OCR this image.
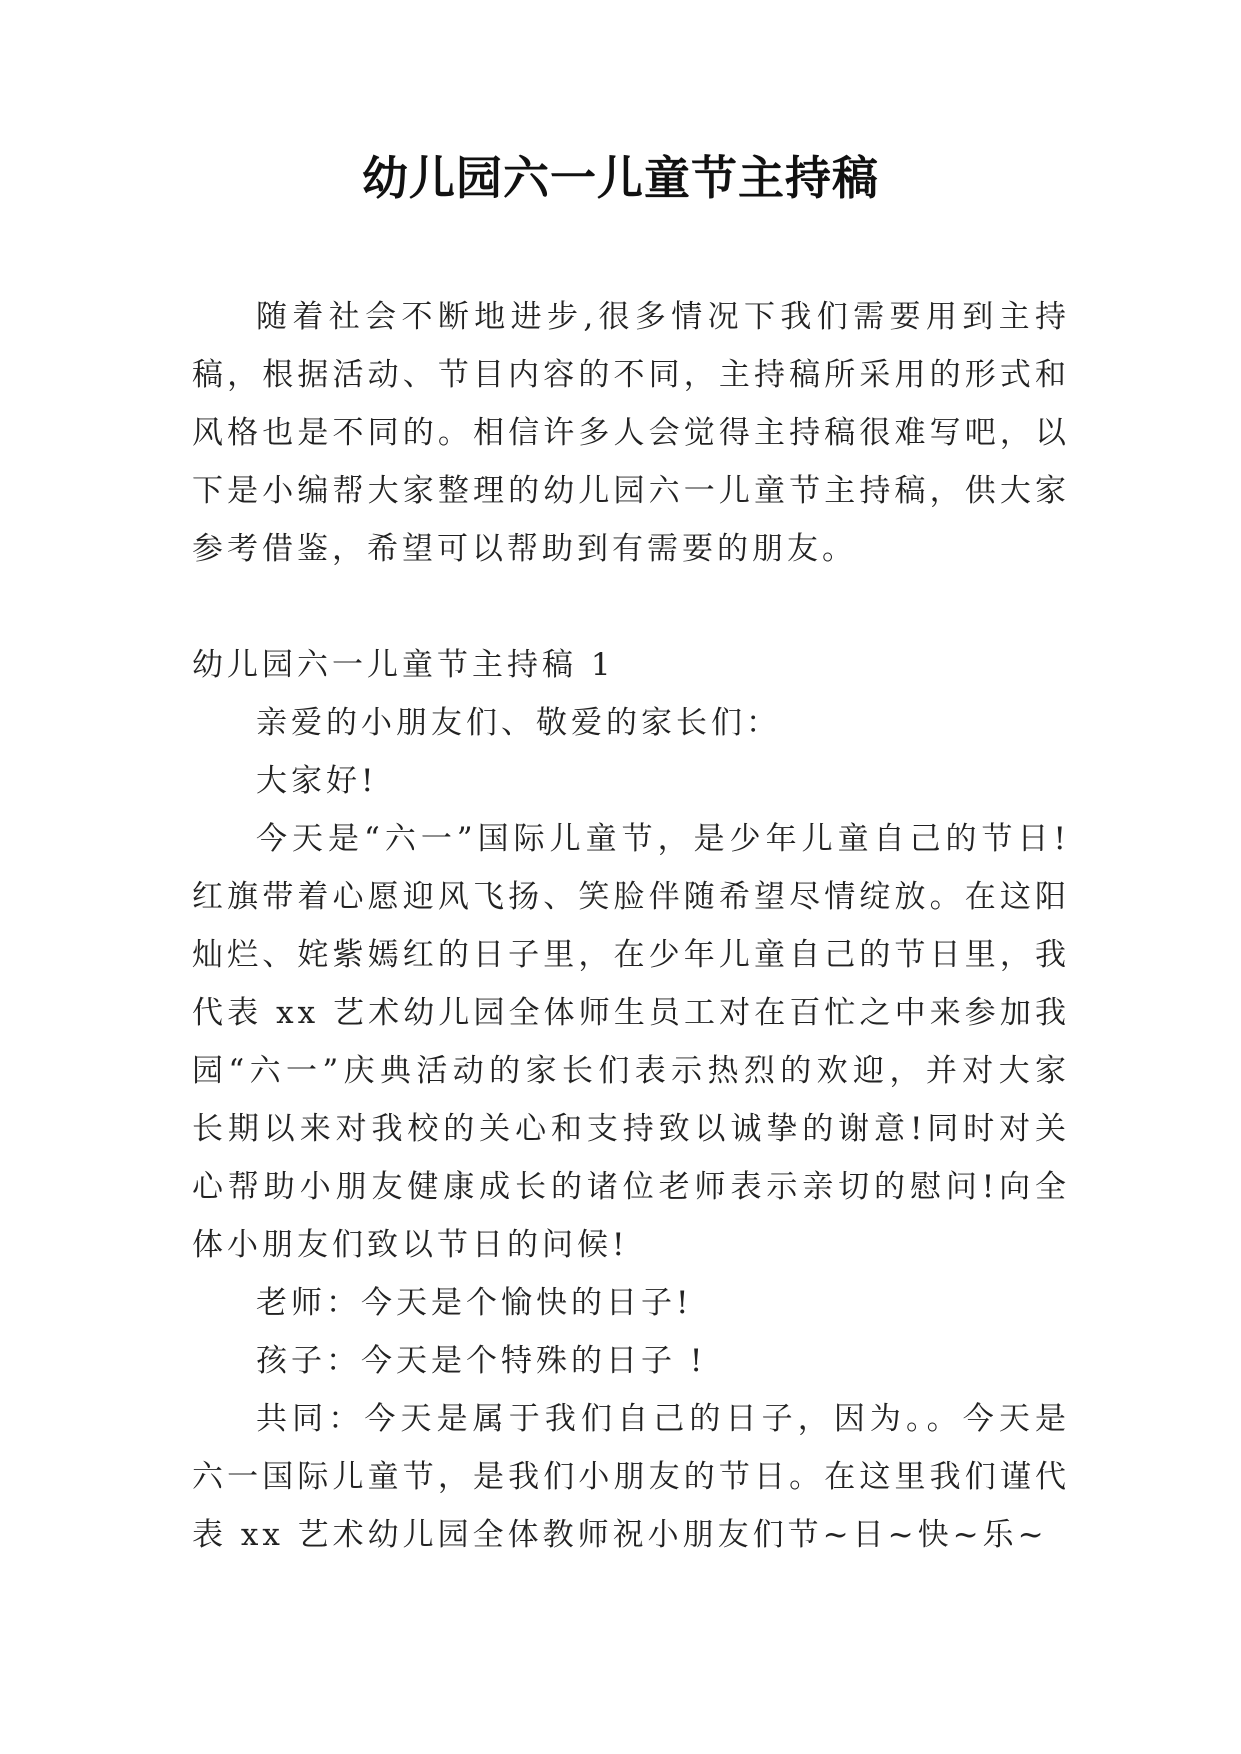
幼儿园六一儿童节主持稿

随着社会不断地进步,很多情况下我们需要用到主持稿，根据活动、节目内容的不同，主持稿所采用的形式和风格也是不同的。相信许多人会觉得主持稿很难写吧，以下是小编帮大家整理的幼儿园六一儿童节主持稿，供大家参考借鉴，希望可以帮助到有需要的朋友。

幼儿园六一儿童节主持稿 1

亲爱的小朋友们、敬爱的家长们：

大家好!

今天是“六一”国际儿童节，是少年儿童自己的节日!红旗带着心愿迎风飞扬、笑脸伴随希望尽情绽放。在这阳灿烂、姹紫嫣红的日子里，在少年儿童自己的节日里，我代表 xx 艺术幼儿园全体师生员工对在百忙之中来参加我园“六一”庆典活动的家长们表示热烈的欢迎，并对大家长期以来对我校的关心和支持致以诚挚的谢意!同时对关心帮助小朋友健康成长的诸位老师表示亲切的慰问!向全体小朋友们致以节日的问候!

老师：今天是个愉快的日子!

孩子：今天是个特殊的日子 !

共同：今天是属于我们自己的日子，因为。。今天是六一国际儿童节，是我们小朋友的节日。在这里我们谨代表 xx 艺术幼儿园全体教师祝小朋友们节~日~快~乐~
